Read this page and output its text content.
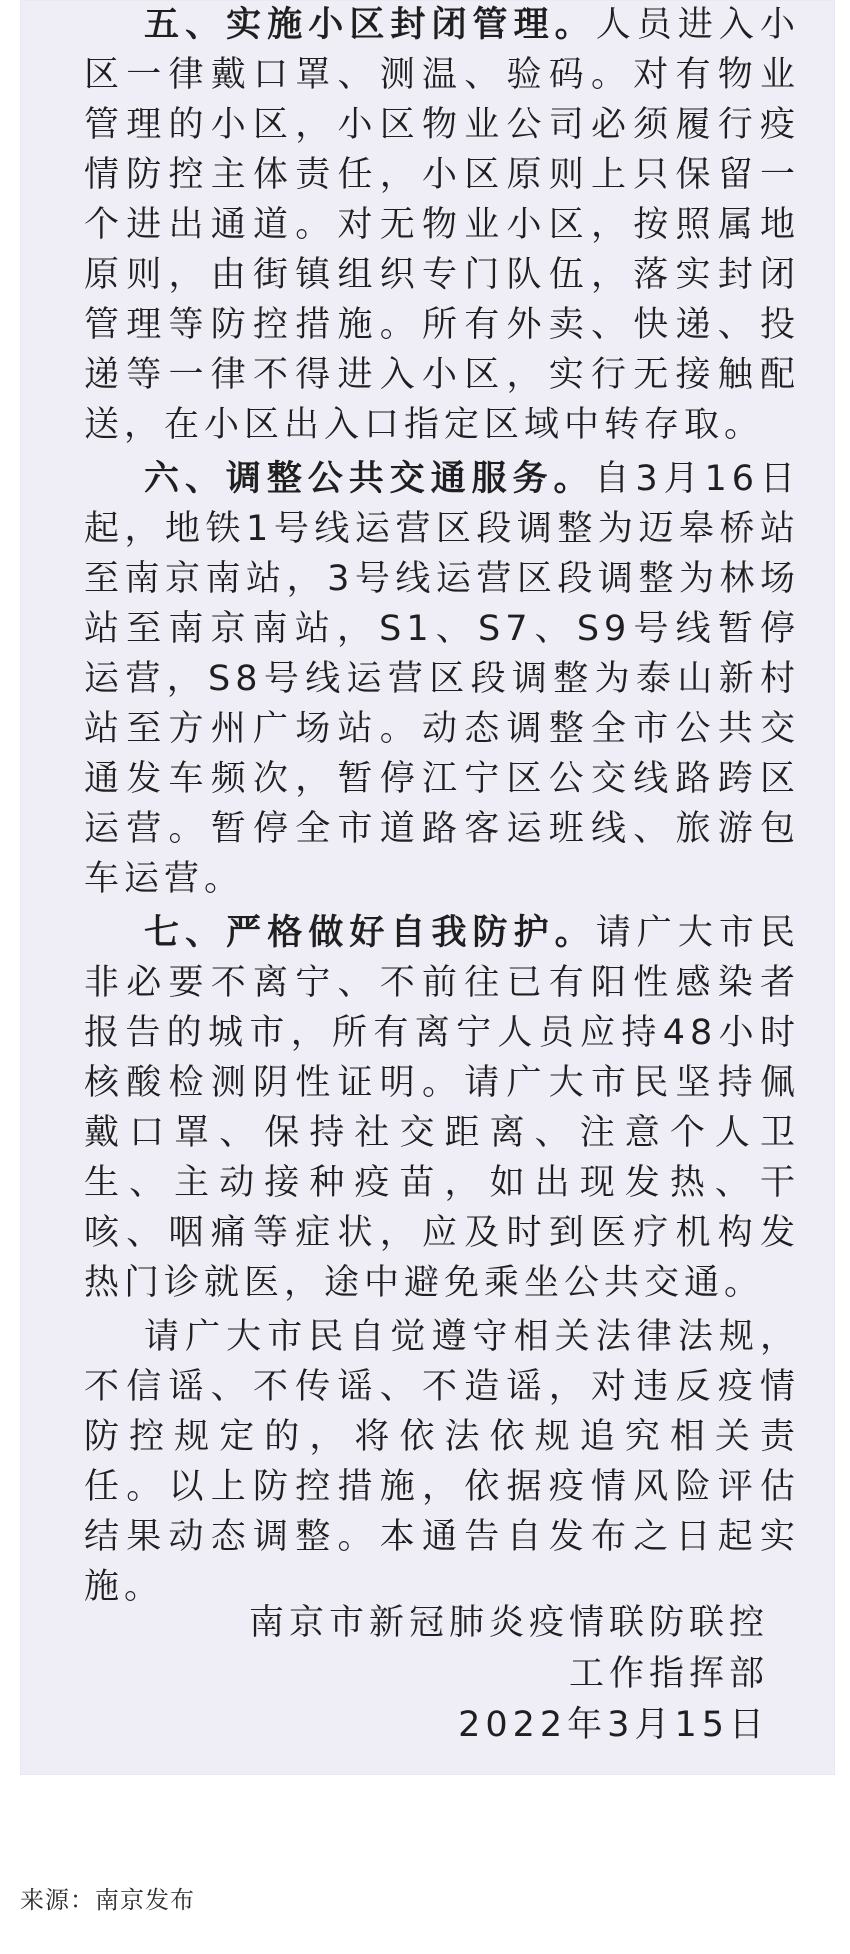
五、实施小区封闭管理。人员进入小区一律戴口罩、测温、验码。对有物业管理的小区，小区物业公司必须履行疫情防控主体责任，小区原则上只保留一个进出通道。对无物业小区，按照属地原则，由街镇组织专门队伍，落实封闭管理等防控措施。所有外卖、快递、投递等一律不得进入小区，实行无接触配送，在小区出入口指定区域中转存取。

六、调整公共交通服务。自3月16日起，地铁1号线运营区段调整为迈皋桥站至南京南站，3号线运营区段调整为林场站至南京南站，S1、S7、S9号线暂停运营，S8号线运营区段调整为泰山新村站至方州广场站。动态调整全市公共交通发车频次，暂停江宁区公交线路跨区运营。暂停全市道路客运班线、旅游包车运营。

七、严格做好自我防护。请广大市民非必要不离宁、不前往已有阳性感染者报告的城市，所有离宁人员应持48小时核酸检测阴性证明。请广大市民坚持佩戴口罩、保持社交距离、注意个人卫生、主动接种疫苗，如出现发热、干咳、咽痛等症状，应及时到医疗机构发热门诊就医，途中避免乘坐公共交通。

请广大市民自觉遵守相关法律法规，不信谣、不传谣、不造谣，对违反疫情防控规定的，将依法依规追究相关责任。以上防控措施，依据疫情风险评估结果动态调整。本通告自发布之日起实施。

南京市新冠肺炎疫情联防联控
工作指挥部
2022年3月15日
来源：南京发布
